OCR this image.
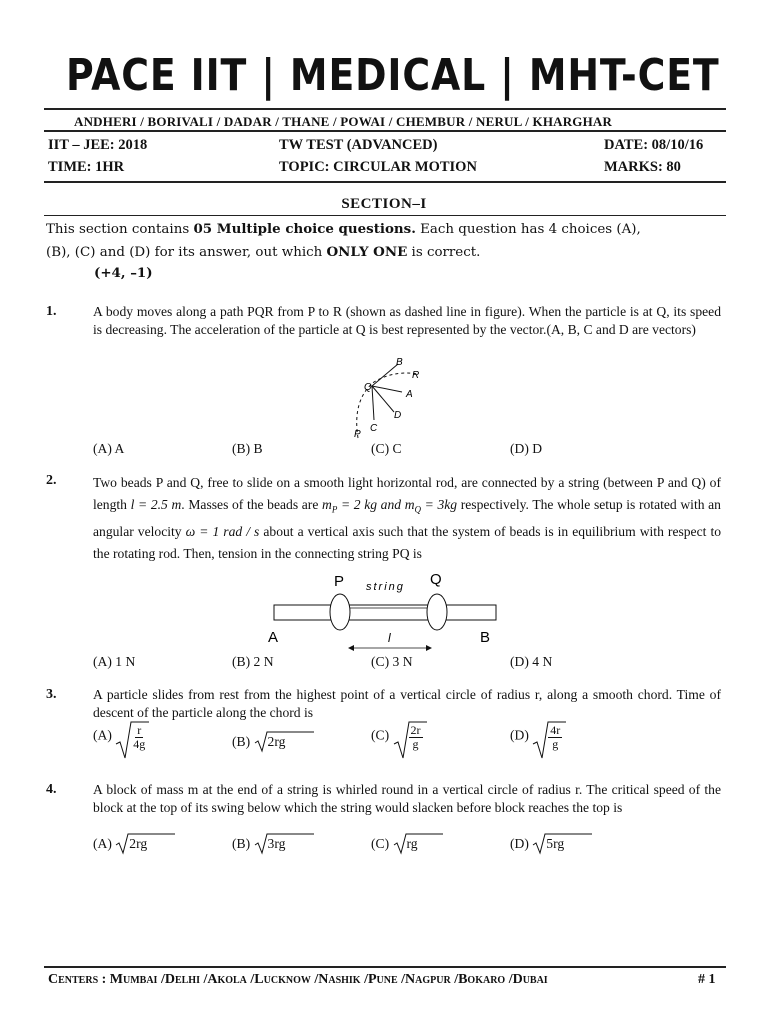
PACE IIT | MEDICAL | MHT-CET
ANDHERI / BORIVALI / DADAR / THANE / POWAI / CHEMBUR / NERUL / KHARGHAR
IIT – JEE: 2018	TW TEST (ADVANCED)	DATE: 08/10/16
TIME: 1HR	TOPIC: CIRCULAR MOTION	MARKS: 80
SECTION–I
This section contains 05 Multiple choice questions. Each question has 4 choices (A),
(B), (C) and (D) for its answer, out which ONLY ONE is correct.
(+4, –1)
1.	A body moves along a path PQR from P to R (shown as dashed line in figure). When the particle is at Q, its speed is decreasing. The acceleration of the particle at Q is best represented by the vector.(A, B, C and D are vectors)
B
R
Q
A
D
C
P
(A) A	(B) B	(C) C	(D) D
2.	Two beads P and Q, free to slide on a smooth light horizontal rod, are connected by a string (between P and Q) of length l = 2.5 m. Masses of the beads are $m_P = 2$ kg and $m_Q = 3kg$ respectively. The whole setup is rotated with an angular velocity ω = 1 rad / s about a vertical axis such that the system of beads is in equilibrium with respect to the rotating rod. Then, tension in the connecting string PQ is
P string Q
A	l	B
(A) 1 N	(B) 2 N	(C) 3 N	(D) 4 N
3.	A particle slides from rest from the highest point of a vertical circle of radius r, along a smooth chord. Time of descent of the particle along the chord is
$(A) \frac{r}{4g}$	(B) 2rg	$(C) \frac{2r}{g}$	$(D) \frac{4r}{g}$
4.	A block of mass m at the end of a string is whirled round in a vertical circle of radius r. The critical speed of the block at the top of its swing below which the string would slacken before block reaches the top is
(A) 2rg	(B) 3rg	(C) rg	(D) 5rg
Centers : Mumbai /Delhi /Akola /Lucknow /Nashik /Pune /Nagpur /Bokaro /Dubai	# 1
